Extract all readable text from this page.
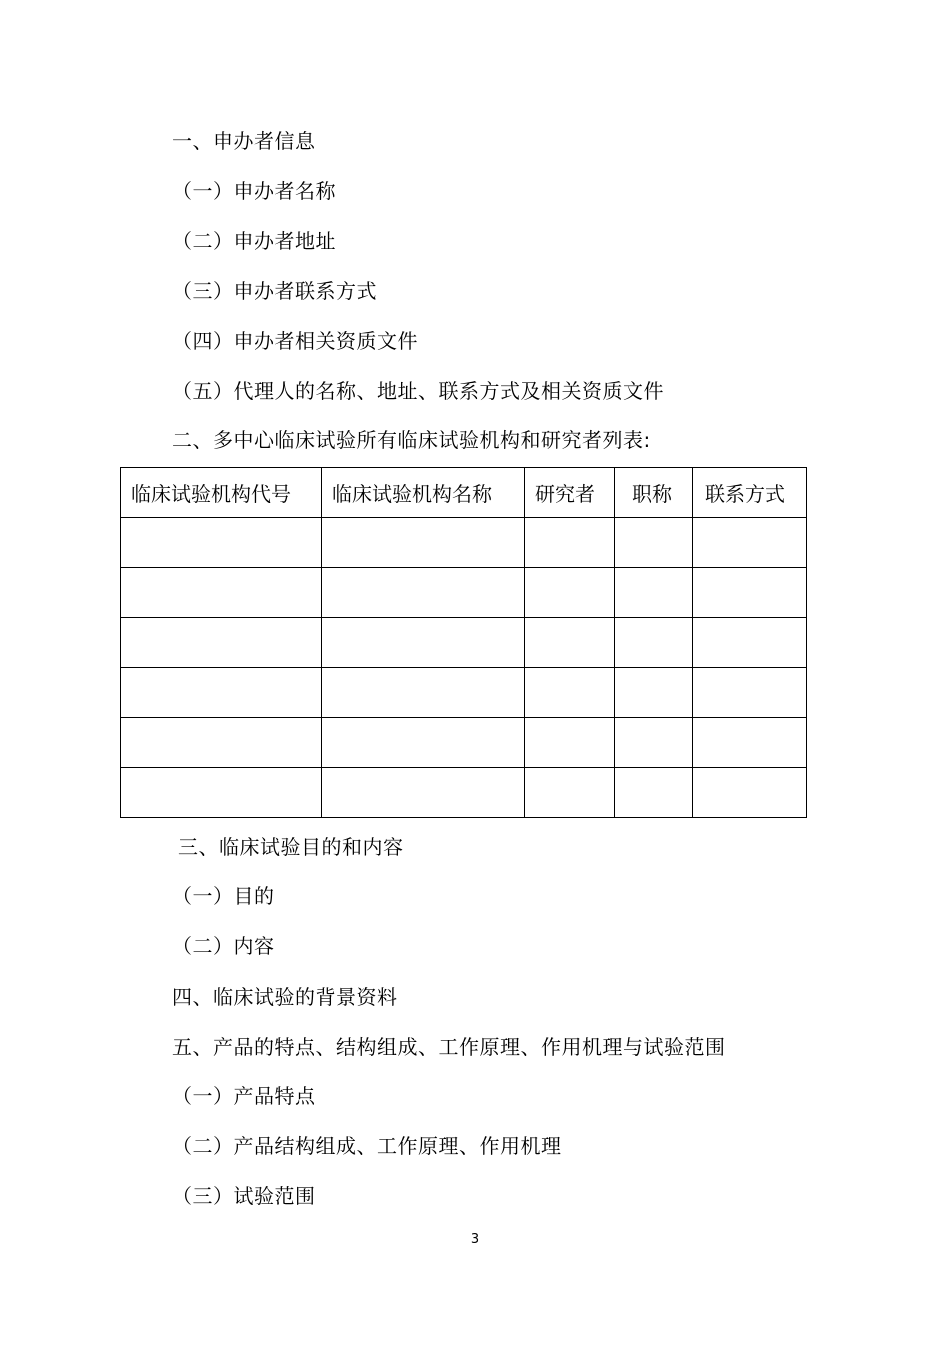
一、申办者信息
（一）申办者名称
（二）申办者地址
（三）申办者联系方式
（四）申办者相关资质文件
（五）代理人的名称、地址、联系方式及相关资质文件
二、多中心临床试验所有临床试验机构和研究者列表:
临床试验机构代号	临床试验机构名称	研究者	职称	联系方式

三、临床试验目的和内容
（一）目的
（二）内容
四、临床试验的背景资料
五、产品的特点、结构组成、工作原理、作用机理与试验范围
（一）产品特点
（二）产品结构组成、工作原理、作用机理
（三）试验范围
3
